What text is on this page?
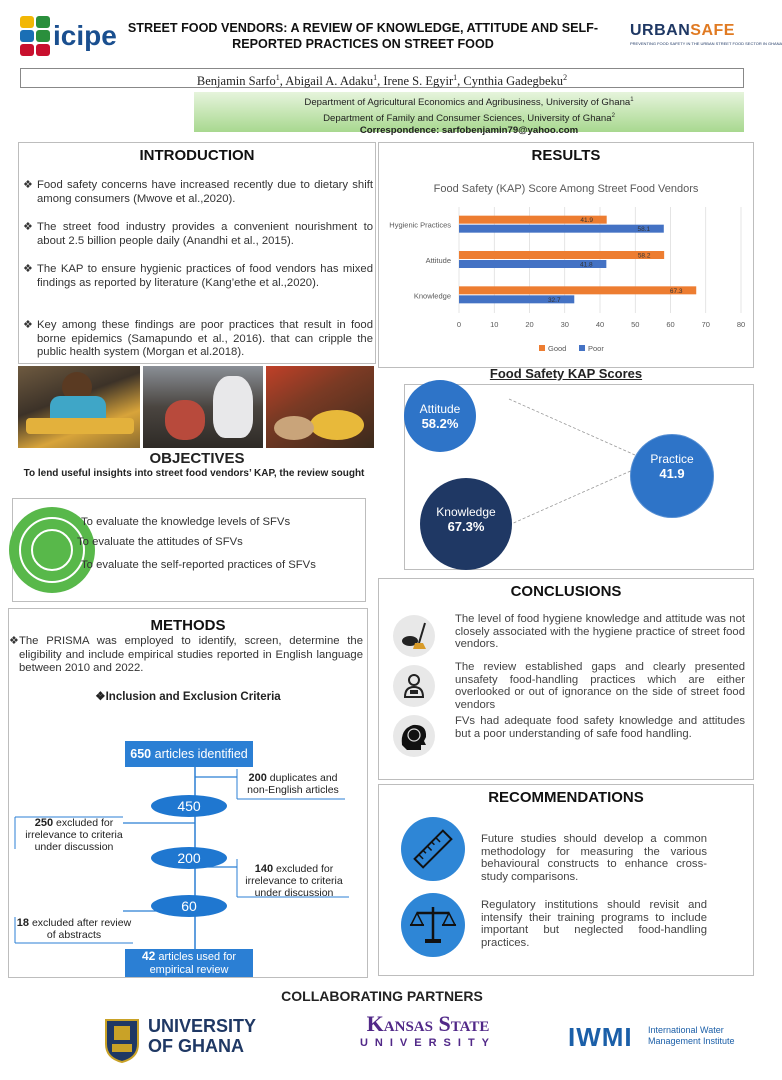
icipe STREET FOOD VENDORS: A REVIEW OF KNOWLEDGE, ATTITUDE AND SELF-
REPORTED PRACTICES ON STREET FOOD
URBANSAFE
PREVENTING FOOD SAFETY IN THE URBAN STREET FOOD SECTOR IN GHANA
Benjamin Sarfo$^1$, Abigail A. Adaku$^1$, Irene S. Egyir$^1$, Cynthia Gadegbeku$^2$
Department of Agricultural Economics and Agribusiness, University of Ghana$^1$
Department of Family and Consumer Sciences, University of Ghana$^2$
Correspondence: sarfobenjamin79@yahoo.com
INTRODUCTION
❖ Food safety concerns have increased recently due to dietary shift among consumers (Mwove et al.,2020).
❖ The street food industry provides a convenient nourishment to about 2.5 billion people daily (Anandhi et al., 2015).
❖ The KAP to ensure hygienic practices of food vendors has mixed findings as reported by literature (Kang’ethe et al.,2020).
❖ Key among these findings are poor practices that result in food borne epidemics (Samapundo et al., 2016). that can cripple the public health system (Morgan et al.2018).
OBJECTIVES
To lend useful insights into street food vendors’ KAP, the review sought
To evaluate the knowledge levels of SFVs
To evaluate the attitudes of SFVs
To evaluate the self-reported practices of SFVs
METHODS
❖ The PRISMA was employed to identify, screen, determine the eligibility and include empirical studies reported in English language between 2010 and 2022.
❖Inclusion and Exclusion Criteria
650 articles identified
200 duplicates and non-English articles
450
250 excluded for irrelevance to criteria under discussion
200
140 excluded for irrelevance to criteria under discussion
60
18 excluded after review of abstracts
42 articles used for empirical review
RESULTS
Food Safety (KAP) Score Among Street Food Vendors
0	10	20	30	40	50	60	70	80
Hygienic Practices	41.9
58.1
Attitude	58.2
41.8
Knowledge	67.3
32.7
Good	Poor
Food Safety KAP Scores
Attitude
58.2%
Practice
41.9
Knowledge
67.3%
CONCLUSIONS
The level of food hygiene knowledge and attitude was not closely associated with the hygiene practice of street food vendors.
The review established gaps and clearly presented unsafety food-handling practices which are either overlooked or out of ignorance on the side of street food vendors
FVs had adequate food safety knowledge and attitudes but a poor understanding of safe food handling.
RECOMMENDATIONS
Future studies should develop a common methodology for measuring the various behavioural constructs to enhance cross-study comparisons.
Regulatory institutions should revisit and intensify their training programs to include important but neglected food-handling practices.
COLLABORATING PARTNERS
UNIVERSITY
OF GHANA
Kansas State
UNIVERSITY	IWMI International Water
Management Institute
